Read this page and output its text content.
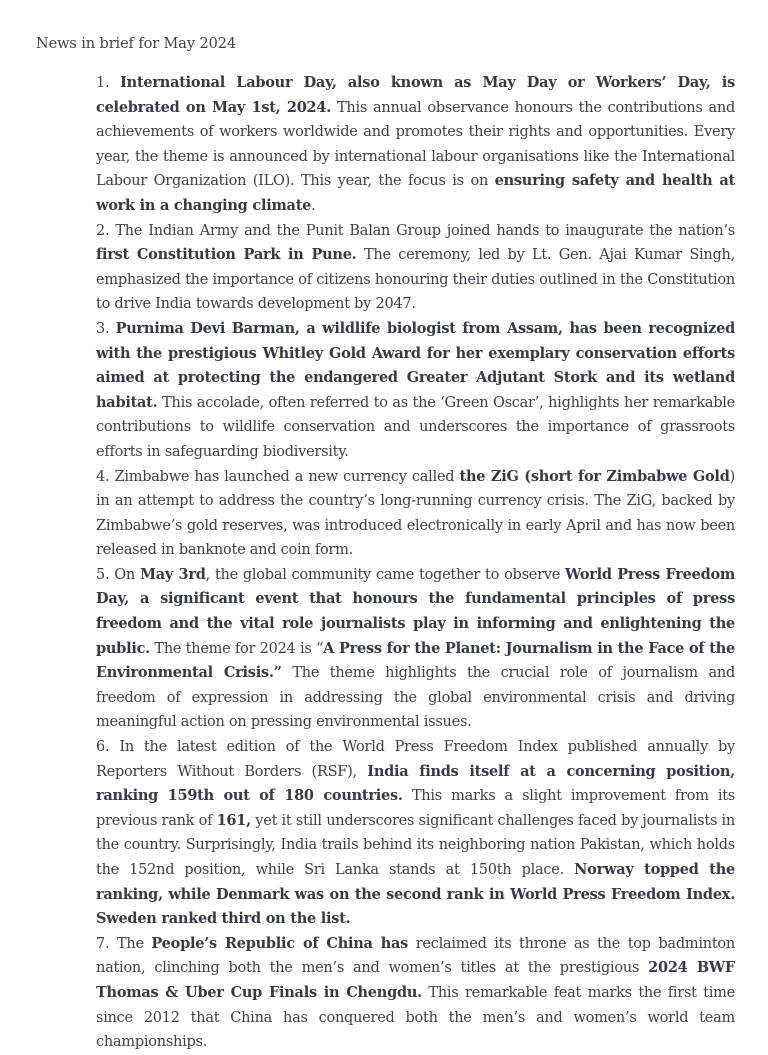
News in brief for May 2024

1. International Labour Day, also known as May Day or Workers’ Day, is celebrated on May 1st, 2024. This annual observance honours the contributions and achievements of workers worldwide and promotes their rights and opportunities. Every year, the theme is announced by international labour organisations like the International Labour Organization (ILO). This year, the focus is on ensuring safety and health at work in a changing climate.

2. The Indian Army and the Punit Balan Group joined hands to inaugurate the nation’s first Constitution Park in Pune. The ceremony, led by Lt. Gen. Ajai Kumar Singh, emphasized the importance of citizens honouring their duties outlined in the Constitution to drive India towards development by 2047.

3. Purnima Devi Barman, a wildlife biologist from Assam, has been recognized with the prestigious Whitley Gold Award for her exemplary conservation efforts aimed at protecting the endangered Greater Adjutant Stork and its wetland habitat. This accolade, often referred to as the ‘Green Oscar’, highlights her remarkable contributions to wildlife conservation and underscores the importance of grassroots efforts in safeguarding biodiversity.

4. Zimbabwe has launched a new currency called the ZiG (short for Zimbabwe Gold) in an attempt to address the country’s long-running currency crisis. The ZiG, backed by Zimbabwe’s gold reserves, was introduced electronically in early April and has now been released in banknote and coin form.

5. On May 3rd, the global community came together to observe World Press Freedom Day, a significant event that honours the fundamental principles of press freedom and the vital role journalists play in informing and enlightening the public. The theme for 2024 is “A Press for the Planet: Journalism in the Face of the Environmental Crisis.” The theme highlights the crucial role of journalism and freedom of expression in addressing the global environmental crisis and driving meaningful action on pressing environmental issues.

6. In the latest edition of the World Press Freedom Index published annually by Reporters Without Borders (RSF), India finds itself at a concerning position, ranking 159th out of 180 countries. This marks a slight improvement from its previous rank of 161, yet it still underscores significant challenges faced by journalists in the country. Surprisingly, India trails behind its neighboring nation Pakistan, which holds the 152nd position, while Sri Lanka stands at 150th place. Norway topped the ranking, while Denmark was on the second rank in World Press Freedom Index. Sweden ranked third on the list.

7. The People’s Republic of China has reclaimed its throne as the top badminton nation, clinching both the men’s and women’s titles at the prestigious 2024 BWF Thomas & Uber Cup Finals in Chengdu. This remarkable feat marks the first time since 2012 that China has conquered both the men’s and women’s world team championships.
